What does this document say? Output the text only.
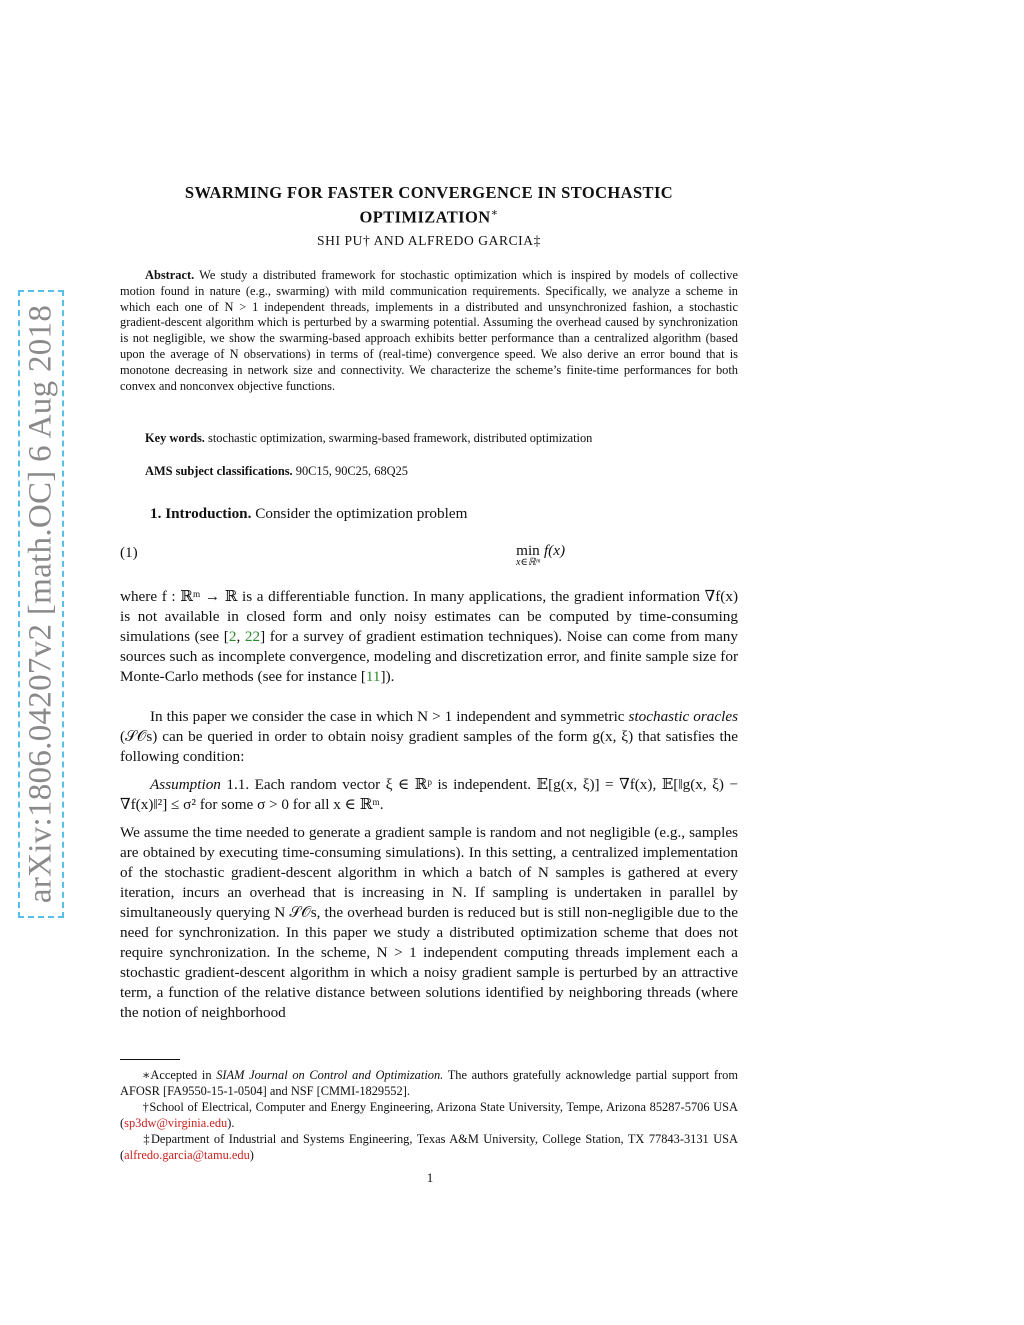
arXiv:1806.04207v2 [math.OC] 6 Aug 2018
SWARMING FOR FASTER CONVERGENCE IN STOCHASTIC
OPTIMIZATION∗

SHI PU† AND ALFREDO GARCIA‡

Abstract. We study a distributed framework for stochastic optimization which is inspired by models of collective motion found in nature (e.g., swarming) with mild communication requirements. Specifically, we analyze a scheme in which each one of N > 1 independent threads, implements in a distributed and unsynchronized fashion, a stochastic gradient-descent algorithm which is perturbed by a swarming potential. Assuming the overhead caused by synchronization is not negligible, we show the swarming-based approach exhibits better performance than a centralized algorithm (based upon the average of N observations) in terms of (real-time) convergence speed. We also derive an error bound that is monotone decreasing in network size and connectivity. We characterize the scheme’s finite-time performances for both convex and nonconvex objective functions.

Key words. stochastic optimization, swarming-based framework, distributed optimization

AMS subject classifications. 90C15, 90C25, 68Q25

1. Introduction. Consider the optimization problem

(1)	min
x∈ℝᵐ
f(x)

where f : ℝᵐ → ℝ is a differentiable function. In many applications, the gradient information ∇f(x) is not available in closed form and only noisy estimates can be computed by time-consuming simulations (see [2, 22] for a survey of gradient estimation techniques). Noise can come from many sources such as incomplete convergence, modeling and discretization error, and finite sample size for Monte-Carlo methods (see for instance [11]).

In this paper we consider the case in which N > 1 independent and symmetric stochastic oracles (𝒮𝒪s) can be queried in order to obtain noisy gradient samples of the form g(x, ξ) that satisfies the following condition:

Assumption 1.1. Each random vector ξ ∈ ℝᵖ is independent. 𝔼[g(x, ξ)] = ∇f(x), 𝔼[‖g(x, ξ) − ∇f(x)‖²] ≤ σ² for some σ > 0 for all x ∈ ℝᵐ.

We assume the time needed to generate a gradient sample is random and not negligible (e.g., samples are obtained by executing time-consuming simulations). In this setting, a centralized implementation of the stochastic gradient-descent algorithm in which a batch of N samples is gathered at every iteration, incurs an overhead that is increasing in N. If sampling is undertaken in parallel by simultaneously querying N 𝒮𝒪s, the overhead burden is reduced but is still non-negligible due to the need for synchronization. In this paper we study a distributed optimization scheme that does not require synchronization. In the scheme, N > 1 independent computing threads implement each a stochastic gradient-descent algorithm in which a noisy gradient sample is perturbed by an attractive term, a function of the relative distance between solutions identified by neighboring threads (where the notion of neighborhood

∗Accepted in SIAM Journal on Control and Optimization. The authors gratefully acknowledge partial support from AFOSR [FA9550-15-1-0504] and NSF [CMMI-1829552].

†School of Electrical, Computer and Energy Engineering, Arizona State University, Tempe, Arizona 85287-5706 USA (sp3dw@virginia.edu).

‡Department of Industrial and Systems Engineering, Texas A&M University, College Station, TX 77843-3131 USA (alfredo.garcia@tamu.edu)

1
